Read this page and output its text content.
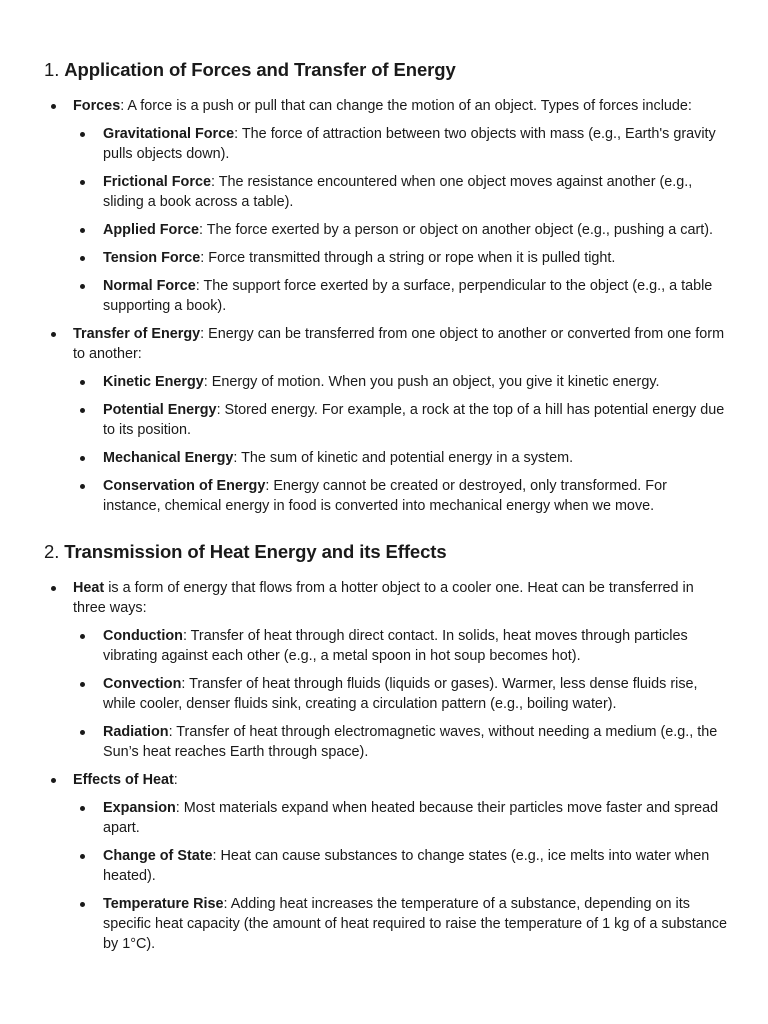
1. Application of Forces and Transfer of Energy
Forces: A force is a push or pull that can change the motion of an object. Types of forces include:
Gravitational Force: The force of attraction between two objects with mass (e.g., Earth's gravity pulls objects down).
Frictional Force: The resistance encountered when one object moves against another (e.g., sliding a book across a table).
Applied Force: The force exerted by a person or object on another object (e.g., pushing a cart).
Tension Force: Force transmitted through a string or rope when it is pulled tight.
Normal Force: The support force exerted by a surface, perpendicular to the object (e.g., a table supporting a book).
Transfer of Energy: Energy can be transferred from one object to another or converted from one form to another:
Kinetic Energy: Energy of motion. When you push an object, you give it kinetic energy.
Potential Energy: Stored energy. For example, a rock at the top of a hill has potential energy due to its position.
Mechanical Energy: The sum of kinetic and potential energy in a system.
Conservation of Energy: Energy cannot be created or destroyed, only transformed. For instance, chemical energy in food is converted into mechanical energy when we move.
2. Transmission of Heat Energy and its Effects
Heat is a form of energy that flows from a hotter object to a cooler one. Heat can be transferred in three ways:
Conduction: Transfer of heat through direct contact. In solids, heat moves through particles vibrating against each other (e.g., a metal spoon in hot soup becomes hot).
Convection: Transfer of heat through fluids (liquids or gases). Warmer, less dense fluids rise, while cooler, denser fluids sink, creating a circulation pattern (e.g., boiling water).
Radiation: Transfer of heat through electromagnetic waves, without needing a medium (e.g., the Sun’s heat reaches Earth through space).
Effects of Heat:
Expansion: Most materials expand when heated because their particles move faster and spread apart.
Change of State: Heat can cause substances to change states (e.g., ice melts into water when heated).
Temperature Rise: Adding heat increases the temperature of a substance, depending on its specific heat capacity (the amount of heat required to raise the temperature of 1 kg of a substance by 1°C).
